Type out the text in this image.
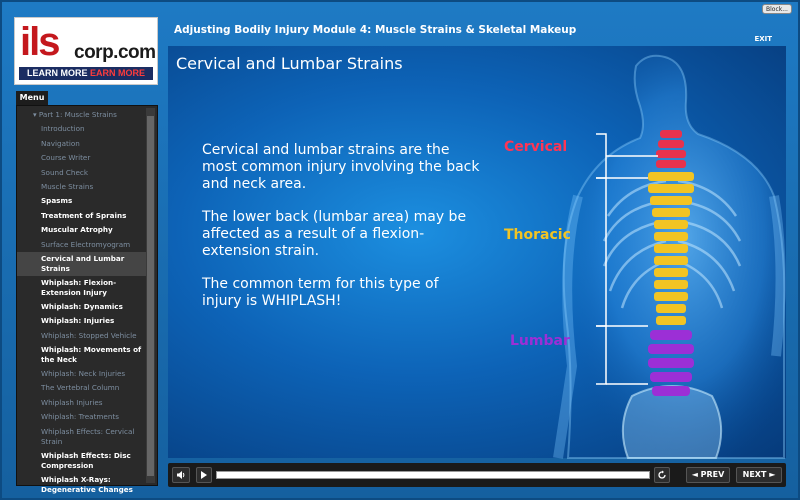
Block...
ils corp.com
LEARN MORE EARN MORE
Adjusting Bodily Injury Module 4: Muscle Strains & Skeletal Makeup
EXIT
Menu
▾ Part 1: Muscle Strains
Introduction
Navigation
Course Writer
Sound Check
Muscle Strains
Spasms
Treatment of Sprains
Muscular Atrophy
Surface Electromyogram
Cervical and Lumbar Strains
Whiplash: Flexion-Extension Injury
Whiplash: Dynamics
Whiplash: Injuries
Whiplash: Stopped Vehicle
Whiplash: Movements of the Neck
Whiplash: Neck Injuries
The Vertebral Column
Whiplash Injuries
Whiplash: Treatments
Whiplash Effects: Cervical Strain
Whiplash Effects: Disc Compression
Whiplash X-Rays: Degenerative Changes
Cervical and Lumbar Strains

Cervical and lumbar strains are the most common injury involving the back and neck area.

The lower back (lumbar area) may be affected as a result of a flexion-extension strain.

The common term for this type of injury is WHIPLASH!

Cervical
Thoracic
Lumbar
◄ PREV	NEXT ►
